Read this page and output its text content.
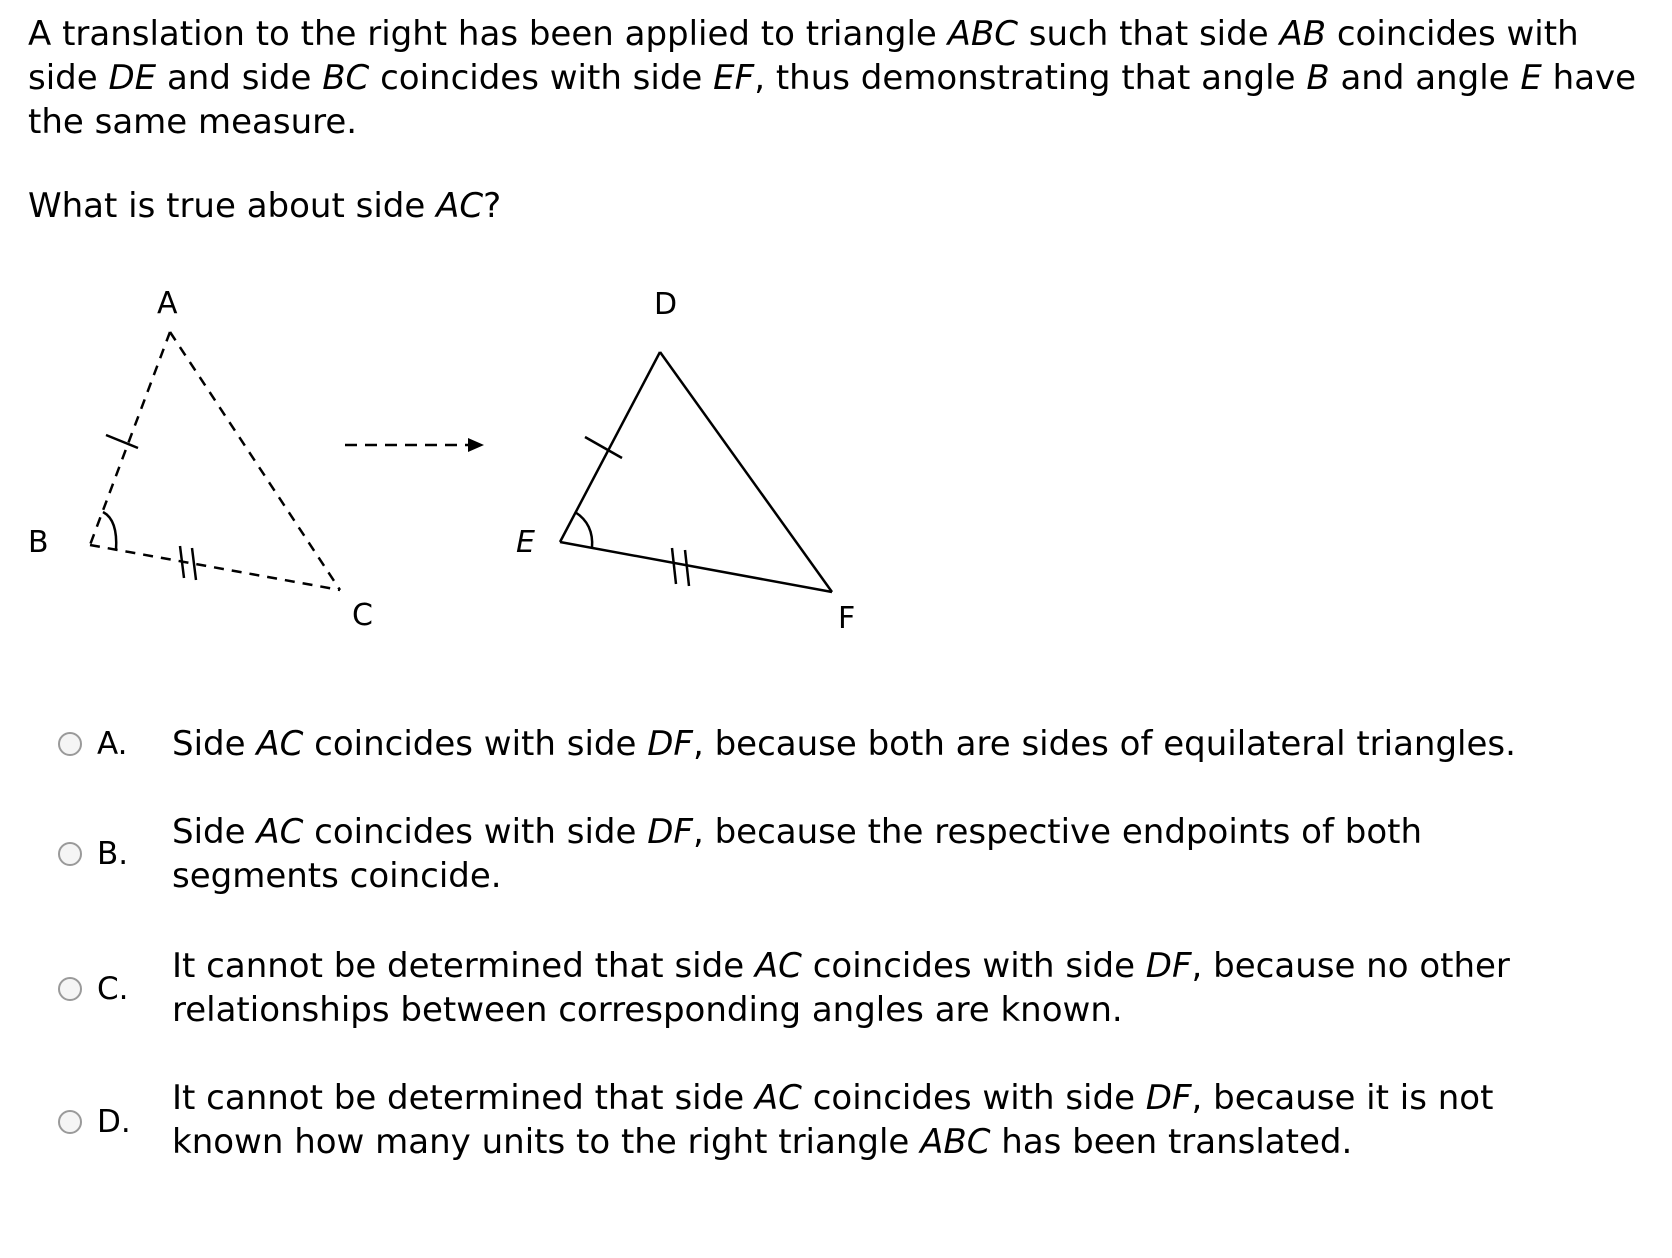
A translation to the right has been applied to triangle ABC such that side AB coincides with side DE and side BC coincides with side EF, thus demonstrating that angle B and angle E have the same measure.

What is true about side AC?

A
B
C
D
E
F
A. Side AC coincides with side DF, because both are sides of equilateral triangles.
B.
Side AC coincides with side DF, because the respective endpoints of both
segments coincide.
C.
It cannot be determined that side AC coincides with side DF, because no other
relationships between corresponding angles are known.
D.
It cannot be determined that side AC coincides with side DF, because it is not
known how many units to the right triangle ABC has been translated.
